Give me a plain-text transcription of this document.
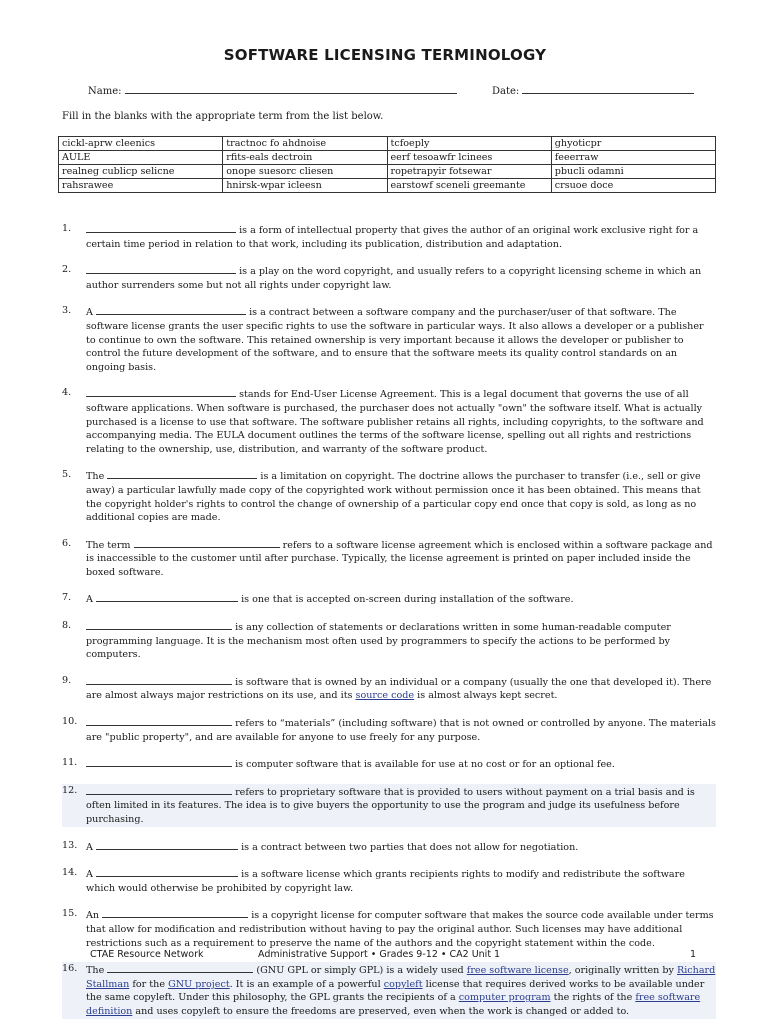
SOFTWARE LICENSING TERMINOLOGY
Name:	Date:
Fill in the blanks with the appropriate term from the list below.
cickl-aprw cleenics	tractnoc fo ahdnoise	tcfoeply	ghyoticpr
AULE	rfits-eals dectroin	eerf tesoawfr lcinees	feeerraw
realneg cublicp selicne	onope suesorc cliesen	ropetrapyir fotsewar	pbucli odamni
rahsrawee	hnirsk-wpar icleesn	earstowf sceneli greemante	crsuoe doce

1.	is a form of intellectual property that gives the author of an original work exclusive right for a certain time period in relation to that work, including its publication, distribution and adaptation.

2.	is a play on the word copyright, and usually refers to a copyright licensing scheme in which an author surrenders some but not all rights under copyright law.

3. A	is a contract between a software company and the purchaser/user of that software. The software license grants the user specific rights to use the software in particular ways. It also allows a developer or a publisher to continue to own the software. This retained ownership is very important because it allows the developer or publisher to control the future development of the software, and to ensure that the software meets its quality control standards on an ongoing basis.

4.	stands for End-User License Agreement. This is a legal document that governs the use of all software applications. When software is purchased, the purchaser does not actually "own" the software itself. What is actually purchased is a license to use that software. The software publisher retains all rights, including copyrights, to the software and accompanying media. The EULA document outlines the terms of the software license, spelling out all rights and restrictions relating to the ownership, use, distribution, and warranty of the software product.

5. The	is a limitation on copyright. The doctrine allows the purchaser to transfer (i.e., sell or give away) a particular lawfully made copy of the copyrighted work without permission once it has been obtained. This means that the copyright holder's rights to control the change of ownership of a particular copy end once that copy is sold, as long as no additional copies are made.

6. The term	refers to a software license agreement which is enclosed within a software package and is inaccessible to the customer until after purchase. Typically, the license agreement is printed on paper included inside the boxed software.

7. A	is one that is accepted on-screen during installation of the software.

8.	is any collection of statements or declarations written in some human-readable computer programming language. It is the mechanism most often used by programmers to specify the actions to be performed by computers.

9.	is software that is owned by an individual or a company (usually the one that developed it). There are almost always major restrictions on its use, and its source code is almost always kept secret.

10.	refers to “materials” (including software) that is not owned or controlled by anyone. The materials are "public property", and are available for anyone to use freely for any purpose.

11.	is computer software that is available for use at no cost or for an optional fee.

12.	refers to proprietary software that is provided to users without payment on a trial basis and is often limited in its features. The idea is to give buyers the opportunity to use the program and judge its usefulness before purchasing.

13. A	is a contract between two parties that does not allow for negotiation.

14. A	is a software license which grants recipients rights to modify and redistribute the software which would otherwise be prohibited by copyright law.

15. An	is a copyright license for computer software that makes the source code available under terms that allow for modification and redistribution without having to pay the original author. Such licenses may have additional restrictions such as a requirement to preserve the name of the authors and the copyright statement within the code.

16. The	(GNU GPL or simply GPL) is a widely used free software license, originally written by Richard Stallman for the GNU project. It is an example of a powerful copyleft license that requires derived works to be available under the same copyleft. Under this philosophy, the GPL grants the recipients of a computer program the rights of the free software definition and uses copyleft to ensure the freedoms are preserved, even when the work is changed or added to.

CTAE Resource Network	Administrative Support • Grades 9-12 • CA2 Unit 1	1
